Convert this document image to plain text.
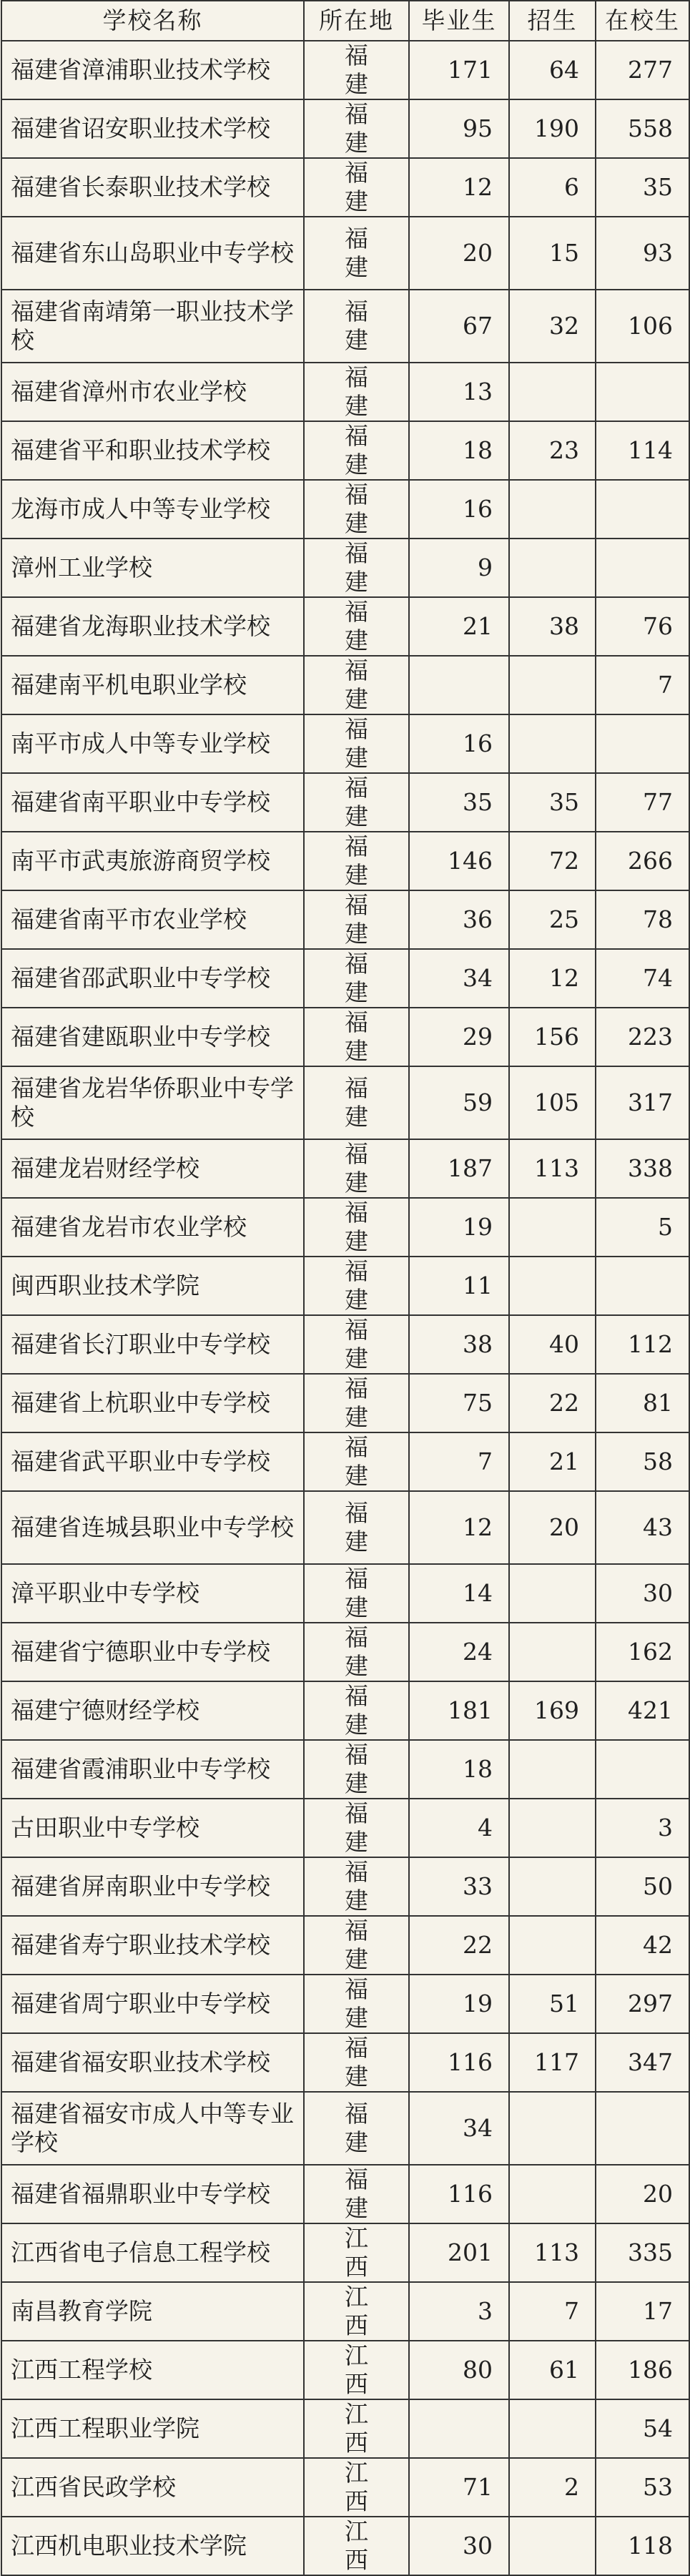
学校名称	所在地	毕业生	招生	在校生
福建省漳浦职业技术学校	福 建	171	64	277
福建省诏安职业技术学校	福 建	95	190	558
福建省长泰职业技术学校	福 建	12	6	35
福建省东山岛职业中专学校	福 建	20	15	93
福建省南靖第一职业技术学校	福 建	67	32	106
福建省漳州市农业学校	福 建	13		
福建省平和职业技术学校	福 建	18	23	114
龙海市成人中等专业学校	福 建	16		
漳州工业学校	福 建	9		
福建省龙海职业技术学校	福 建	21	38	76
福建南平机电职业学校	福 建			7
南平市成人中等专业学校	福 建	16		
福建省南平职业中专学校	福 建	35	35	77
南平市武夷旅游商贸学校	福 建	146	72	266
福建省南平市农业学校	福 建	36	25	78
福建省邵武职业中专学校	福 建	34	12	74
福建省建瓯职业中专学校	福 建	29	156	223
福建省龙岩华侨职业中专学校	福 建	59	105	317
福建龙岩财经学校	福 建	187	113	338
福建省龙岩市农业学校	福 建	19		5
闽西职业技术学院	福 建	11		
福建省长汀职业中专学校	福 建	38	40	112
福建省上杭职业中专学校	福 建	75	22	81
福建省武平职业中专学校	福 建	7	21	58
福建省连城县职业中专学校	福 建	12	20	43
漳平职业中专学校	福 建	14		30
福建省宁德职业中专学校	福 建	24		162
福建宁德财经学校	福 建	181	169	421
福建省霞浦职业中专学校	福 建	18		
古田职业中专学校	福 建	4		3
福建省屏南职业中专学校	福 建	33		50
福建省寿宁职业技术学校	福 建	22		42
福建省周宁职业中专学校	福 建	19	51	297
福建省福安职业技术学校	福 建	116	117	347
福建省福安市成人中等专业学校	福 建	34		
福建省福鼎职业中专学校	福 建	116		20
江西省电子信息工程学校	江 西	201	113	335
南昌教育学院	江 西	3	7	17
江西工程学校	江 西	80	61	186
江西工程职业学院	江 西			54
江西省民政学校	江 西	71	2	53
江西机电职业技术学院	江 西	30		118
